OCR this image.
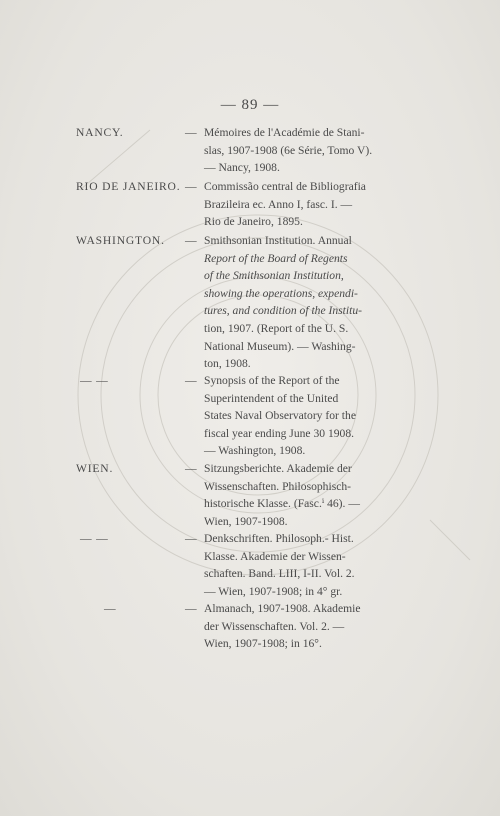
— 89 —
NANCY.	— Mémoires de l'Académie de Stani-
slas, 1907-1908 (6e Série, Tomo V).
— Nancy, 1908.
RIO DE JANEIRO. — Commissão central de Bibliografia
Brazileira ec. Anno I, fasc. I. —
Rio de Janeiro, 1895.
WASHINGTON. — Smithsonian Institution. Annual
Report of the Board of Regents
of the Smithsonian Institution,
showing the operations, expendi-
tures, and condition of the Institu-
tion, 1907. (Report of the U. S.
National Museum). — Washing-
ton, 1908.
— —	— Synopsis of the Report of the
Superintendent of the United
States Naval Observatory for the
fiscal year ending June 30 1908.
— Washington, 1908.
WIEN.	— Sitzungsberichte. Akademie der
Wissenschaften. Philosophisch-
historische Klasse. (Fasc.ⁱ 46). —
Wien, 1907-1908.
— —	— Denkschriften. Philosoph.- Hist.
Klasse. Akademie der Wissen-
schaften. Band. LIII, I-II. Vol. 2.
— Wien, 1907-1908; in 4° gr.
—	— Almanach, 1907-1908. Akademie
der Wissenschaften. Vol. 2. —
Wien, 1907-1908; in 16°.
